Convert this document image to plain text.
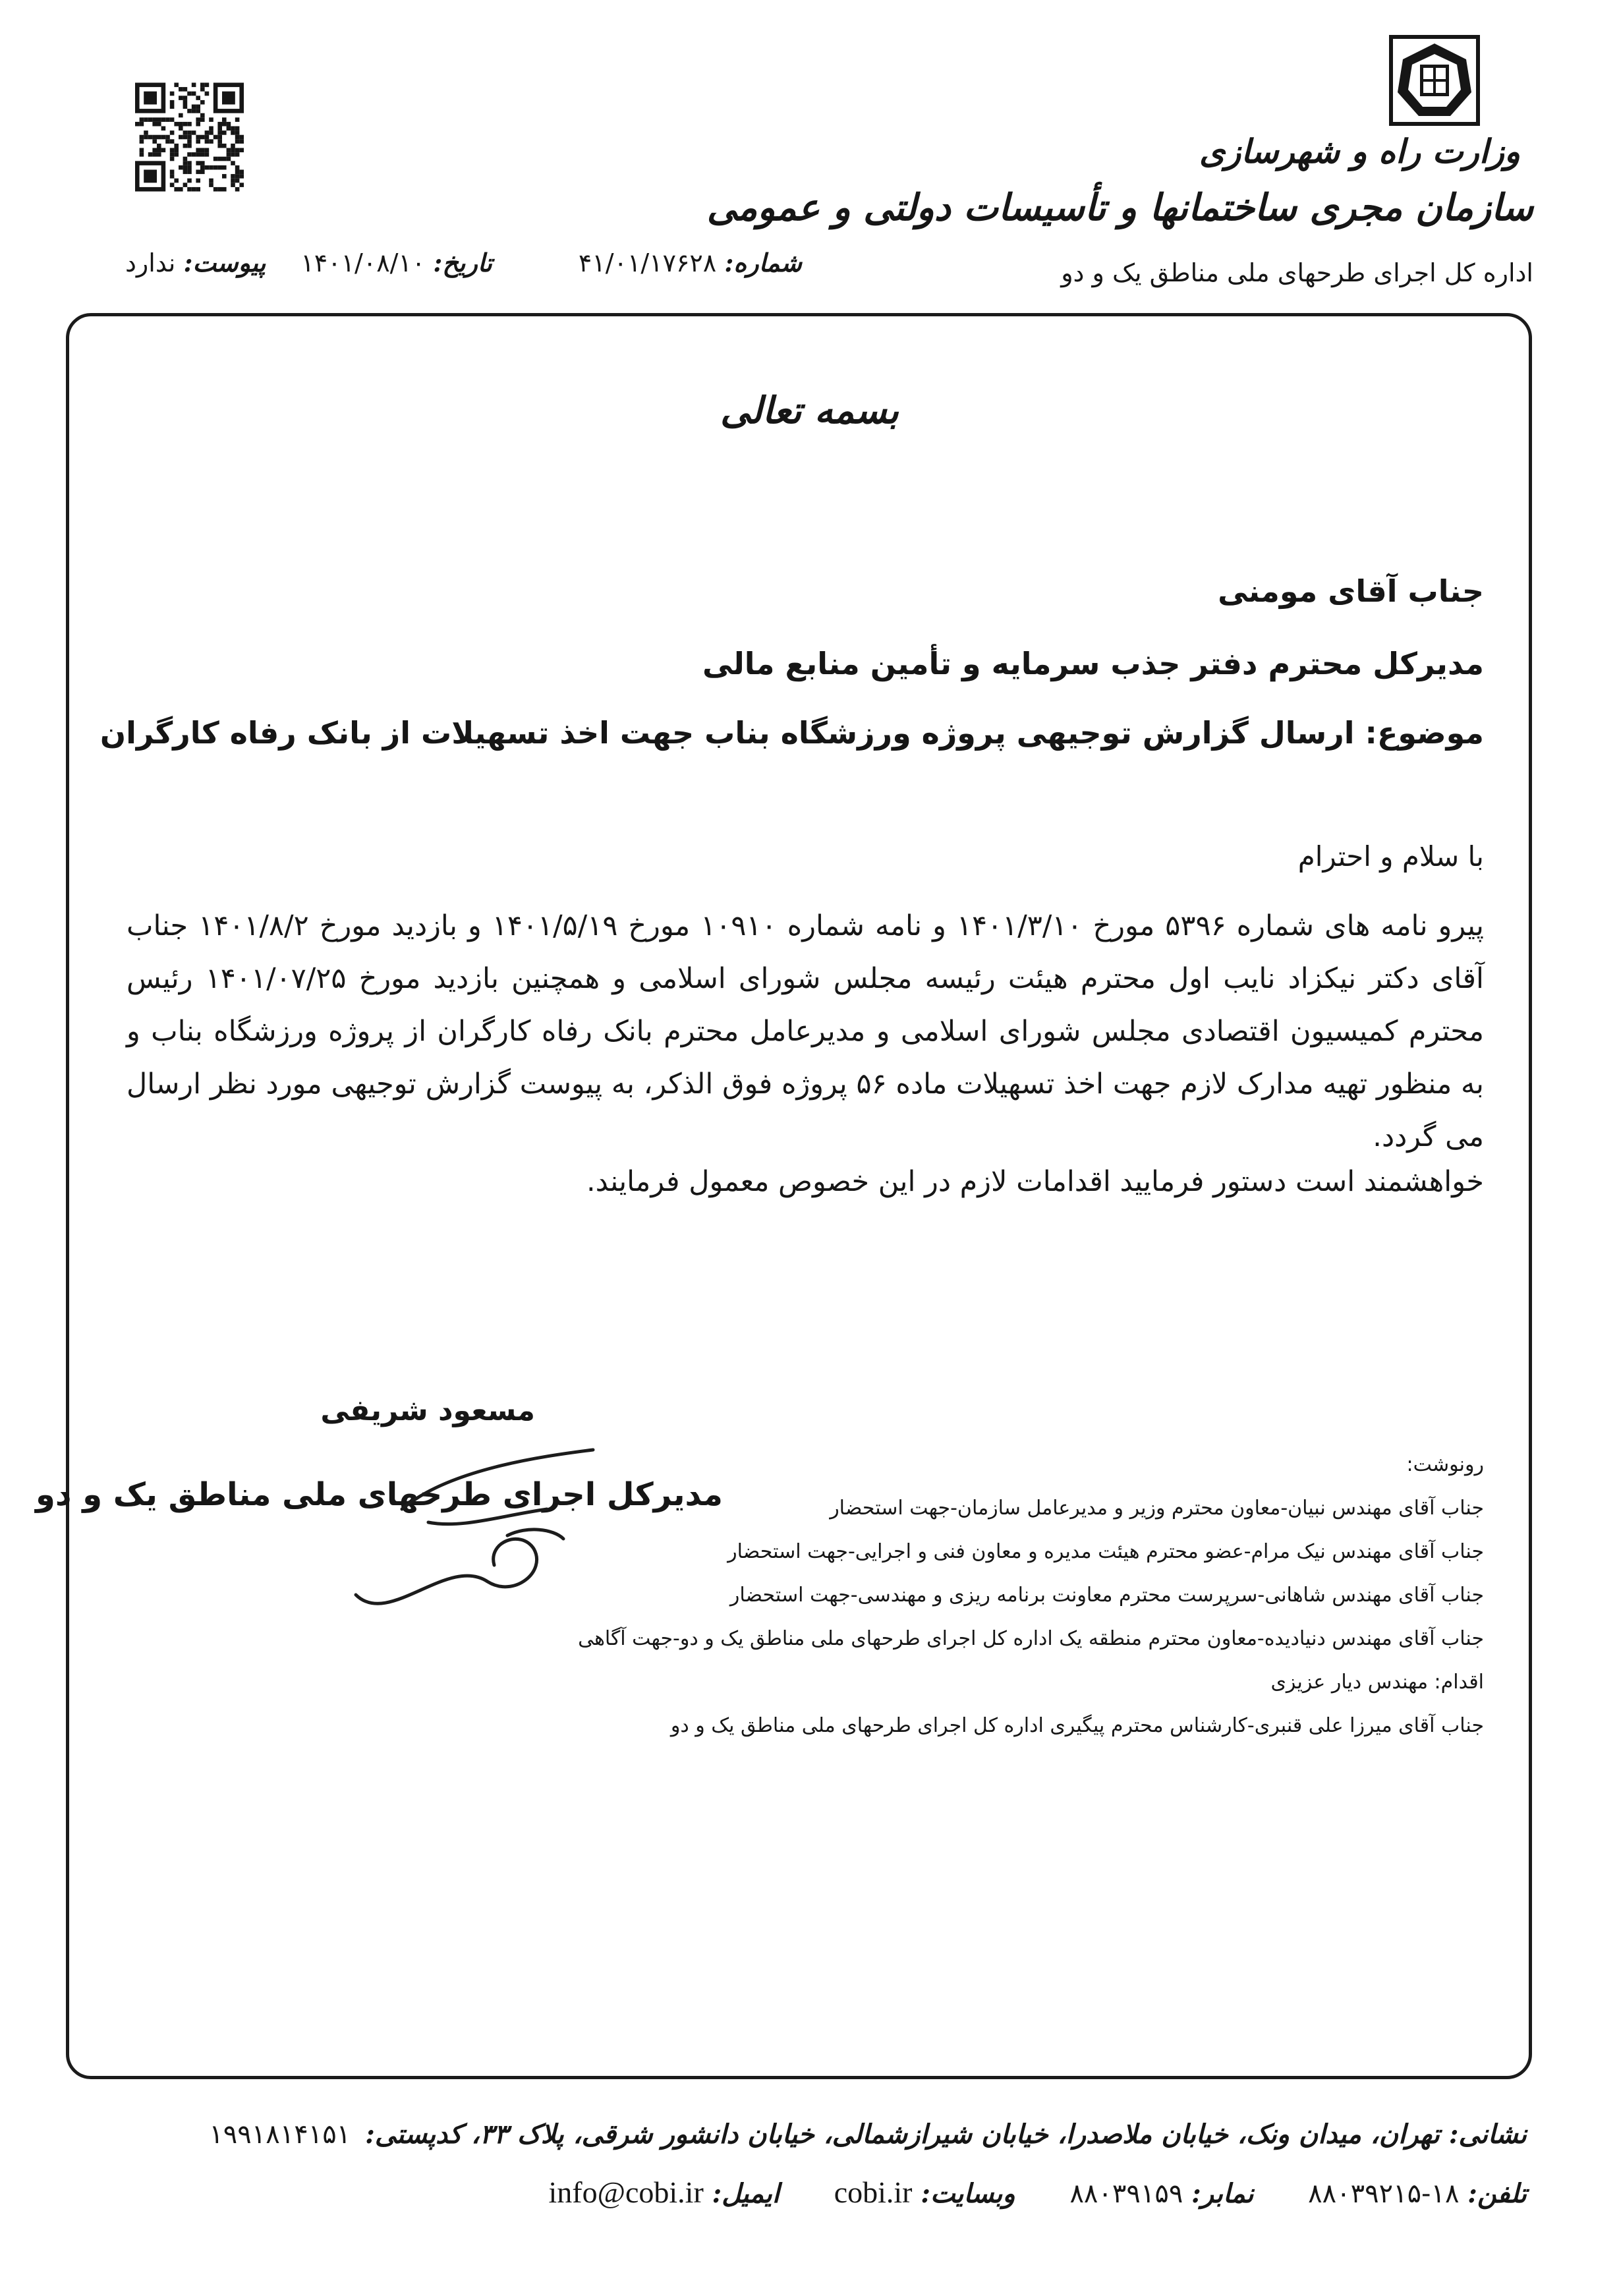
وزارت راه و شهرسازی
سازمان مجری ساختمانها و تأسیسات دولتی و عمومی
اداره کل اجرای طرحهای ملی مناطق یک و دو
شماره: ۴۱/۰۱/۱۷۶۲۸
تاریخ: ۱۴۰۱/۰۸/۱۰
پیوست: ندارد
بسمه تعالی
جناب آقای مومنی
مدیرکل محترم دفتر جذب سرمایه و تأمین منابع مالی
موضوع: ارسال گزارش توجیهی پروژه ورزشگاه بناب جهت اخذ تسهیلات از بانک رفاه کارگران
با سلام و احترام
پیرو نامه های شماره ۵۳۹۶ مورخ ۱۴۰۱/۳/۱۰ و نامه شماره ۱۰۹۱۰ مورخ ۱۴۰۱/۵/۱۹ و بازدید مورخ ۱۴۰۱/۸/۲ جناب آقای دکتر نیکزاد نایب اول محترم هیئت رئیسه مجلس شورای اسلامی و همچنین بازدید مورخ ۱۴۰۱/۰۷/۲۵ رئیس محترم کمیسیون اقتصادی مجلس شورای اسلامی و مدیرعامل محترم بانک رفاه کارگران از پروژه ورزشگاه بناب و به منظور تهیه مدارک لازم جهت اخذ تسهیلات ماده ۵۶ پروژه فوق الذکر، به پیوست گزارش توجیهی مورد نظر ارسال می گردد.
خواهشمند است دستور فرمایید اقدامات لازم در این خصوص معمول فرمایند.
مسعود شریفی
مدیرکل اجرای طرحهای ملی مناطق یک و دو
رونوشت:
جناب آقای مهندس نبیان-معاون محترم وزیر و مدیرعامل سازمان-جهت استحضار
جناب آقای مهندس نیک مرام-عضو محترم هیئت مدیره و معاون فنی و اجرایی-جهت استحضار
جناب آقای مهندس شاهانی-سرپرست محترم معاونت برنامه ریزی و مهندسی-جهت استحضار
جناب آقای مهندس دنیادیده-معاون محترم منطقه یک اداره کل اجرای طرحهای ملی مناطق یک و دو-جهت آگاهی
اقدام: مهندس دیار عزیزی
جناب آقای میرزا علی قنبری-کارشناس محترم پیگیری اداره کل اجرای طرحهای ملی مناطق یک و دو
نشانی: تهران، میدان ونک، خیابان ملاصدرا، خیابان شیرازشمالی، خیابان دانشور شرقی، پلاک ۳۳، کدپستی:۱۹۹۱۸۱۴۱۵۱
تلفن: ۱۸-۸۸۰۳۹۲۱۵ نمابر: ۸۸۰۳۹۱۵۹ وبسایت: cobi.ir ایمیل: info@cobi.ir
